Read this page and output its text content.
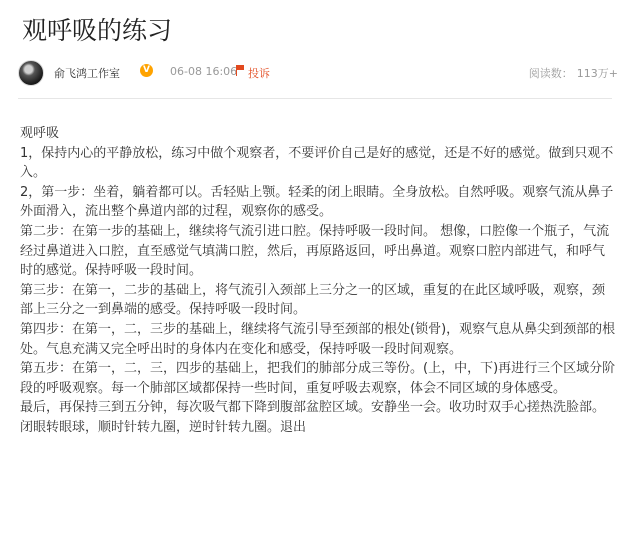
观呼吸的练习
俞飞鸿工作室	V 06-08 16:06 投诉	阅读数： 113万+

观呼吸

1，保持内心的平静放松，练习中做个观察者，不要评价自己是好的感觉，还是不好的感觉。做到只观不入。

2，第一步：坐着，躺着都可以。舌轻贴上颚。轻柔的闭上眼睛。全身放松。自然呼吸。观察气流从鼻子外面滑入，流出整个鼻道内部的过程，观察你的感受。

第二步：在第一步的基础上，继续将气流引进口腔。保持呼吸一段时间。 想像，口腔像一个瓶子，气流经过鼻道进入口腔，直至感觉气填满口腔，然后，再原路返回，呼出鼻道。观察口腔内部进气，和呼气时的感觉。保持呼吸一段时间。

第三步：在第一，二步的基础上，将气流引入颈部上三分之一的区域，重复的在此区域呼吸，观察，颈部上三分之一到鼻端的感受。保持呼吸一段时间。

第四步：在第一，二，三步的基础上，继续将气流引导至颈部的根处(锁骨)，观察气息从鼻尖到颈部的根处。气息充满又完全呼出时的身体内在变化和感受，保持呼吸一段时间观察。

第五步：在第一，二，三，四步的基础上，把我们的肺部分成三等份。(上，中，下)再进行三个区域分阶段的呼吸观察。每一个肺部区域都保持一些时间，重复呼吸去观察，体会不同区域的身体感受。

最后，再保持三到五分钟，每次吸气都下降到腹部盆腔区域。安静坐一会。收功时双手心搓热洗脸部。闭眼转眼球，顺时针转九圈，逆时针转九圈。退出
